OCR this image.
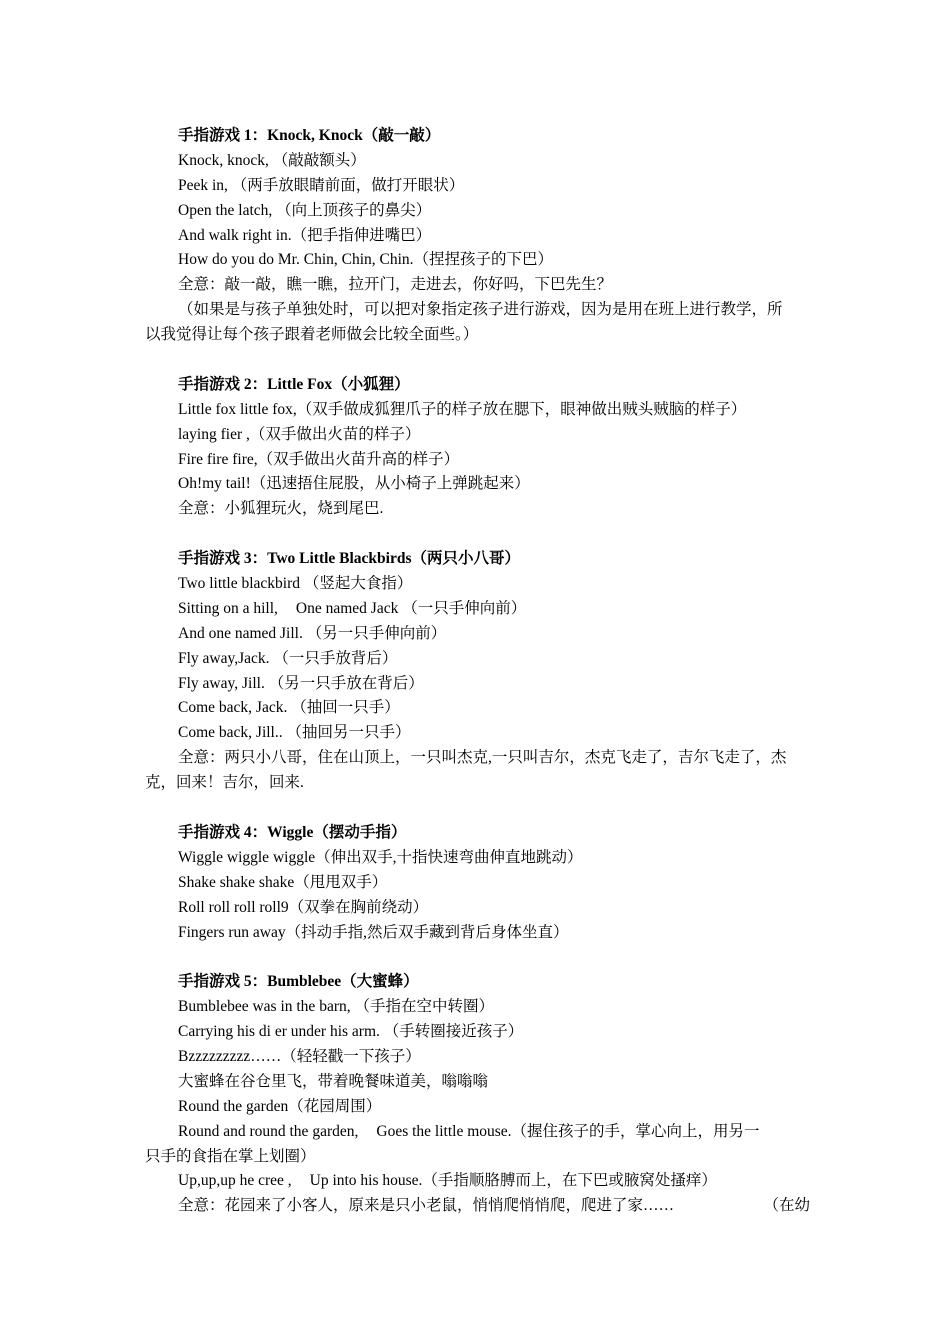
手指游戏 1：Knock, Knock（敲一敲）
Knock, knock, （敲敲额头）
Peek in, （两手放眼睛前面，做打开眼状）
Open the latch, （向上顶孩子的鼻尖）
And walk right in.（把手指伸进嘴巴）
How do you do Mr. Chin, Chin, Chin.（捏捏孩子的下巴）
全意：敲一敲，瞧一瞧，拉开门，走进去，你好吗，下巴先生？
（如果是与孩子单独处时，可以把对象指定孩子进行游戏，因为是用在班上进行教学，所
以我觉得让每个孩子跟着老师做会比较全面些。）
手指游戏 2：Little Fox（小狐狸）
Little fox little fox,（双手做成狐狸爪子的样子放在腮下，眼神做出贼头贼脑的样子）
laying fier ,（双手做出火苗的样子）
Fire fire fire,（双手做出火苗升高的样子）
Oh!my tail!（迅速捂住屁股，从小椅子上弹跳起来）
全意：小狐狸玩火，烧到尾巴.
手指游戏 3：Two Little Blackbirds（两只小八哥）
Two little blackbird （竖起大食指）
Sitting on a hill, One named Jack （一只手伸向前）
And one named Jill. （另一只手伸向前）
Fly away,Jack. （一只手放背后）
Fly away, Jill. （另一只手放在背后）
Come back, Jack. （抽回一只手）
Come back, Jill.. （抽回另一只手）
全意：两只小八哥，住在山顶上，一只叫杰克,一只叫吉尔，杰克飞走了，吉尔飞走了，杰
克，回来！吉尔，回来.
手指游戏 4：Wiggle（摆动手指）
Wiggle wiggle wiggle（伸出双手,十指快速弯曲伸直地跳动）
Shake shake shake（甩甩双手）
Roll roll roll roll9（双拳在胸前绕动）
Fingers run away（抖动手指,然后双手藏到背后身体坐直）
手指游戏 5：Bumblebee（大蜜蜂）
Bumblebee was in the barn, （手指在空中转圈）
Carrying his di er under his arm. （手转圈接近孩子）
Bzzzzzzzzz……（轻轻戳一下孩子）
大蜜蜂在谷仓里飞，带着晚餐味道美，嗡嗡嗡
Round the garden（花园周围）
Round and round the garden, Goes the little mouse.（握住孩子的手，掌心向上，用另一
只手的食指在掌上划圈）
Up,up,up he cree , Up into his house.（手指顺胳膊而上，在下巴或腋窝处搔痒）
全意：花园来了小客人，原来是只小老鼠，悄悄爬悄悄爬，爬进了家……	（在幼
